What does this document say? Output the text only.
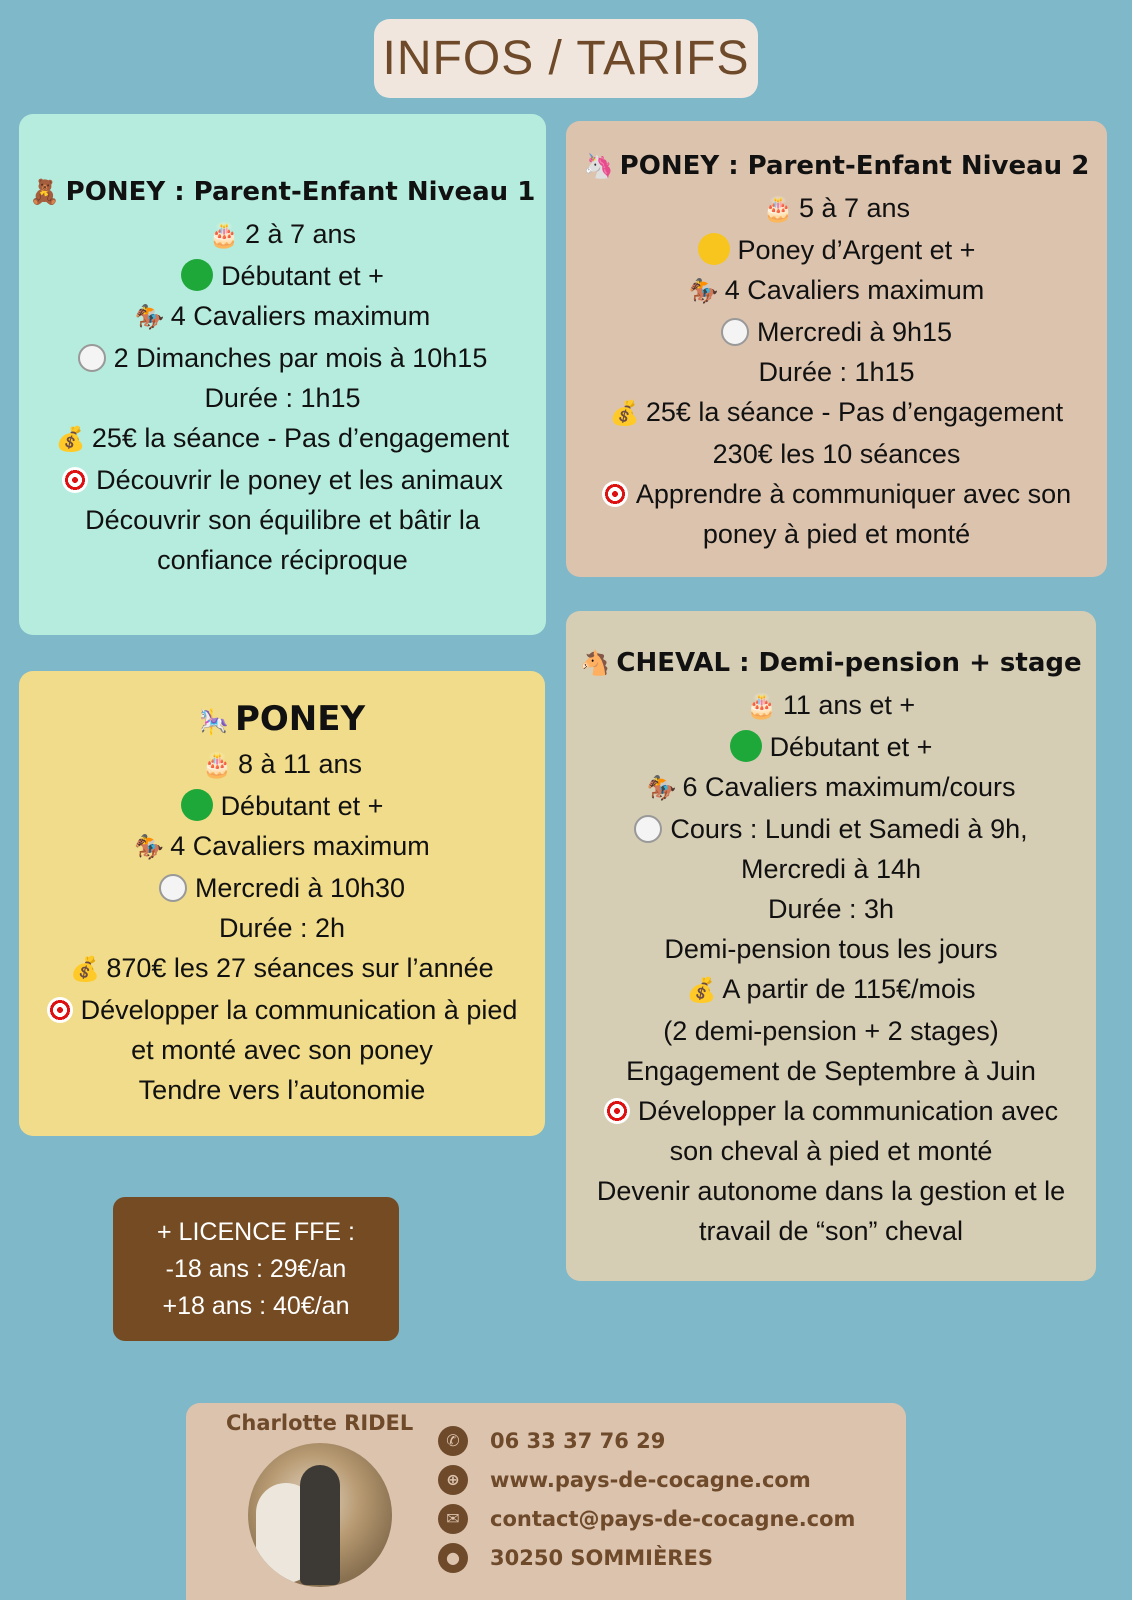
INFOS / TARIFS
🧸 PONEY : Parent-Enfant Niveau 1
🎂 2 à 7 ans
Débutant et +
🏇 4 Cavaliers maximum
2 Dimanches par mois à 10h15
Durée : 1h15
💰 25€ la séance - Pas d’engagement
Découvrir le poney et les animaux
Découvrir son équilibre et bâtir la
confiance réciproque
🦄 PONEY : Parent-Enfant Niveau 2
🎂 5 à 7 ans
Poney d’Argent et +
🏇 4 Cavaliers maximum
Mercredi à 9h15
Durée : 1h15
💰 25€ la séance - Pas d’engagement
230€ les 10 séances
Apprendre à communiquer avec son
poney à pied et monté
🎠 PONEY
🎂 8 à 11 ans
Débutant et +
🏇 4 Cavaliers maximum
Mercredi à 10h30
Durée : 2h
💰 870€ les 27 séances sur l’année
Développer la communication à pied
et monté avec son poney
Tendre vers l’autonomie
🐴 CHEVAL : Demi-pension + stage
🎂 11 ans et +
Débutant et +
🏇 6 Cavaliers maximum/cours
Cours : Lundi et Samedi à 9h,
Mercredi à 14h
Durée : 3h
Demi-pension tous les jours
💰 A partir de 115€/mois
(2 demi-pension + 2 stages)
Engagement de Septembre à Juin
Développer la communication avec
son cheval à pied et monté
Devenir autonome dans la gestion et le
travail de “son” cheval
+ LICENCE FFE :
-18 ans : 29€/an
+18 ans : 40€/an
Charlotte RIDEL
✆	06 33 37 76 29
⊕	www.pays-de-cocagne.com
✉	contact@pays-de-cocagne.com
●	30250 SOMMIÈRES
